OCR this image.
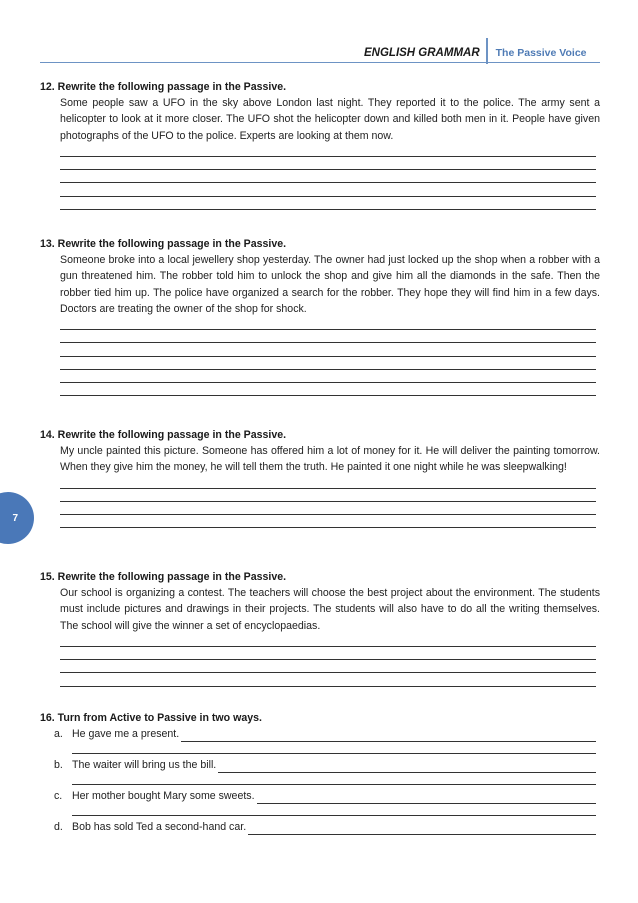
ENGLISH GRAMMAR	The Passive Voice
7
12. Rewrite the following passage in the Passive.
Some people saw a UFO in the sky above London last night. They reported it to the police. The army sent a helicopter to look at it more closer. The UFO shot the helicopter down and killed both men in it. People have given photographs of the UFO to the police. Experts are looking at them now.
13. Rewrite the following passage in the Passive.
Someone broke into a local jewellery shop yesterday. The owner had just locked up the shop when a robber with a gun threatened him. The robber told him to unlock the shop and give him all the diamonds in the safe. Then the robber tied him up. The police have organized a search for the robber. They hope they will find him in a few days. Doctors are treating the owner of the shop for shock.
14. Rewrite the following passage in the Passive.
My uncle painted this picture. Someone has offered him a lot of money for it. He will deliver the painting tomorrow. When they give him the money, he will tell them the truth. He painted it one night while he was sleepwalking!
15. Rewrite the following passage in the Passive.
Our school is organizing a contest. The teachers will choose the best project about the environment. The students must include pictures and drawings in their projects. The students will also have to do all the writing themselves. The school will give the winner a set of encyclopaedias.
16. Turn from Active to Passive in two ways.
a. He gave me a present.
b. The waiter will bring us the bill.
c. Her mother bought Mary some sweets.
d. Bob has sold Ted a second-hand car.
